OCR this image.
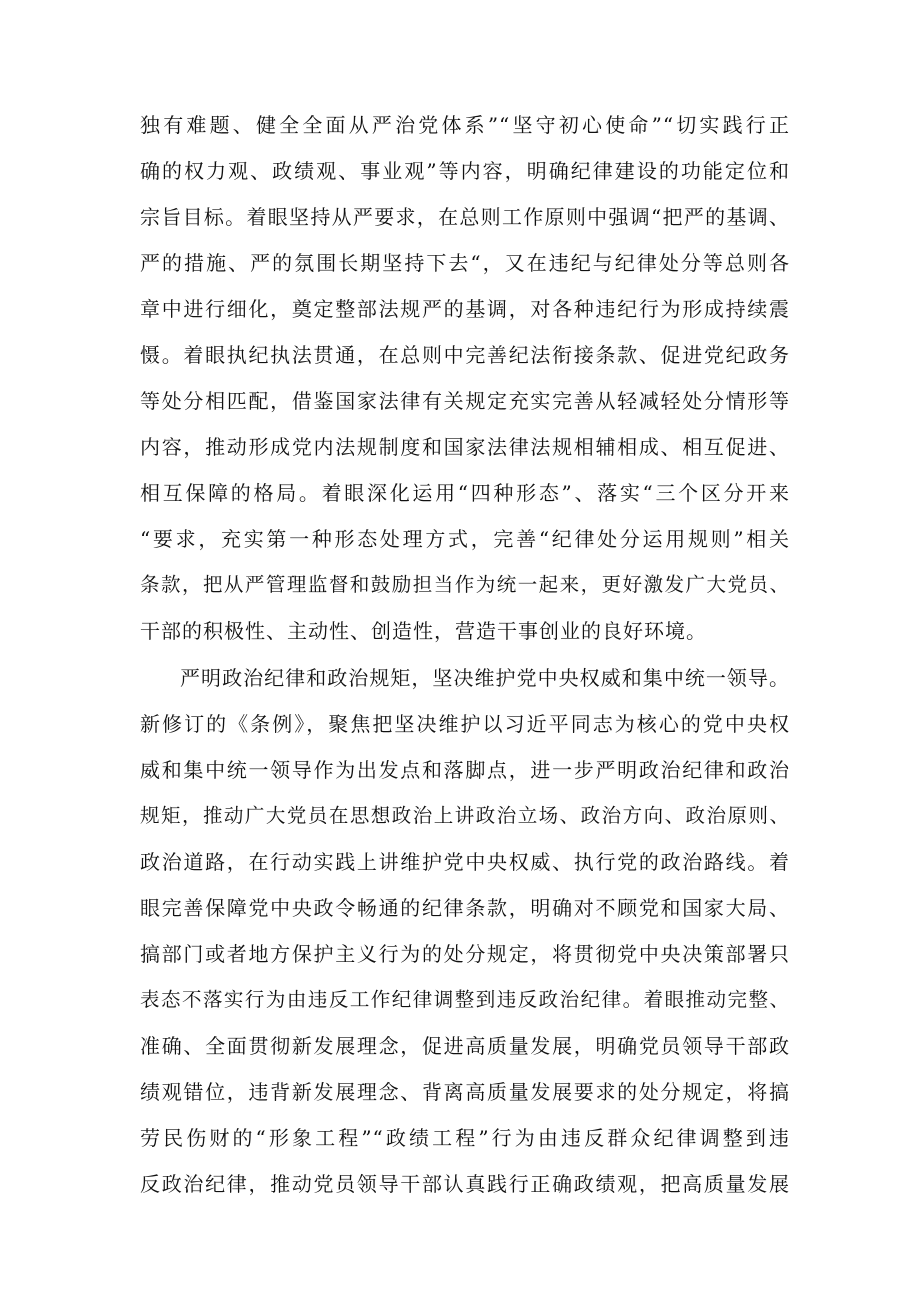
独有难题、健全全面从严治党体系”“坚守初心使命”“切实践行正
确的权力观、政绩观、事业观”等内容，明确纪律建设的功能定位和
宗旨目标。着眼坚持从严要求，在总则工作原则中强调“把严的基调、
严的措施、严的氛围长期坚持下去“，又在违纪与纪律处分等总则各
章中进行细化，奠定整部法规严的基调，对各种违纪行为形成持续震
慑。着眼执纪执法贯通，在总则中完善纪法衔接条款、促进党纪政务
等处分相匹配，借鉴国家法律有关规定充实完善从轻减轻处分情形等
内容，推动形成党内法规制度和国家法律法规相辅相成、相互促进、
相互保障的格局。着眼深化运用“四种形态”、落实“三个区分开来
“要求，充实第一种形态处理方式，完善“纪律处分运用规则”相关
条款，把从严管理监督和鼓励担当作为统一起来，更好激发广大党员、
干部的积极性、主动性、创造性，营造干事创业的良好环境。
严明政治纪律和政治规矩，坚决维护党中央权威和集中统一领导。
新修订的《条例》，聚焦把坚决维护以习近平同志为核心的党中央权
威和集中统一领导作为出发点和落脚点，进一步严明政治纪律和政治
规矩，推动广大党员在思想政治上讲政治立场、政治方向、政治原则、
政治道路，在行动实践上讲维护党中央权威、执行党的政治路线。着
眼完善保障党中央政令畅通的纪律条款，明确对不顾党和国家大局、
搞部门或者地方保护主义行为的处分规定，将贯彻党中央决策部署只
表态不落实行为由违反工作纪律调整到违反政治纪律。着眼推动完整、
准确、全面贯彻新发展理念，促进高质量发展，明确党员领导干部政
绩观错位，违背新发展理念、背离高质量发展要求的处分规定，将搞
劳民伤财的“形象工程”“政绩工程”行为由违反群众纪律调整到违
反政治纪律，推动党员领导干部认真践行正确政绩观，把高质量发展
